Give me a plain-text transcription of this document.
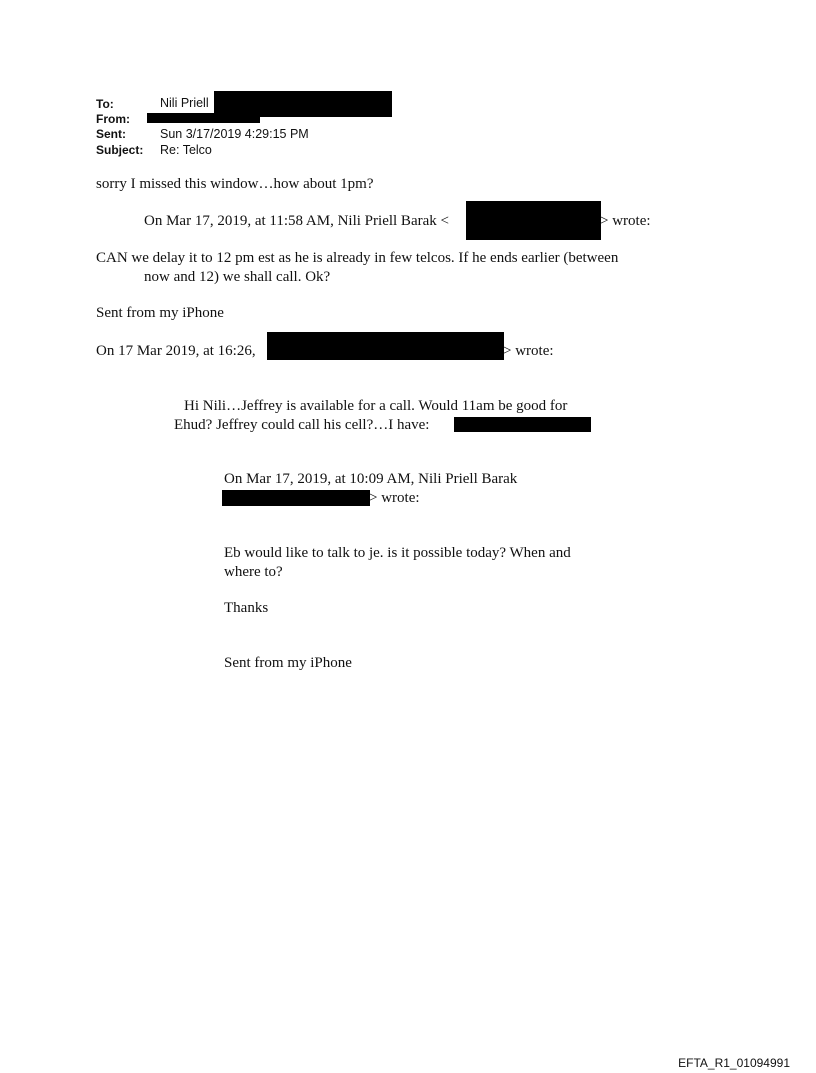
To:	Nili Priell
From:
Sent:	Sun 3/17/2019 4:29:15 PM
Subject: Re: Telco
sorry I missed this window…how about 1pm?
On Mar 17, 2019, at 11:58 AM, Nili Priell Barak <	> wrote:
CAN we delay it to 12 pm est as he is already in few telcos. If he ends earlier (between
now and 12) we shall call. Ok?
Sent from my iPhone
On 17 Mar 2019, at 16:26,	> wrote:
Hi Nili…Jeffrey is available for a call. Would 11am be good for
Ehud? Jeffrey could call his cell?…I have:
On Mar 17, 2019, at 10:09 AM, Nili Priell Barak
> wrote:
Eb would like to talk to je. is it possible today? When and
where to?
Thanks
Sent from my iPhone
EFTA_R1_01094991
